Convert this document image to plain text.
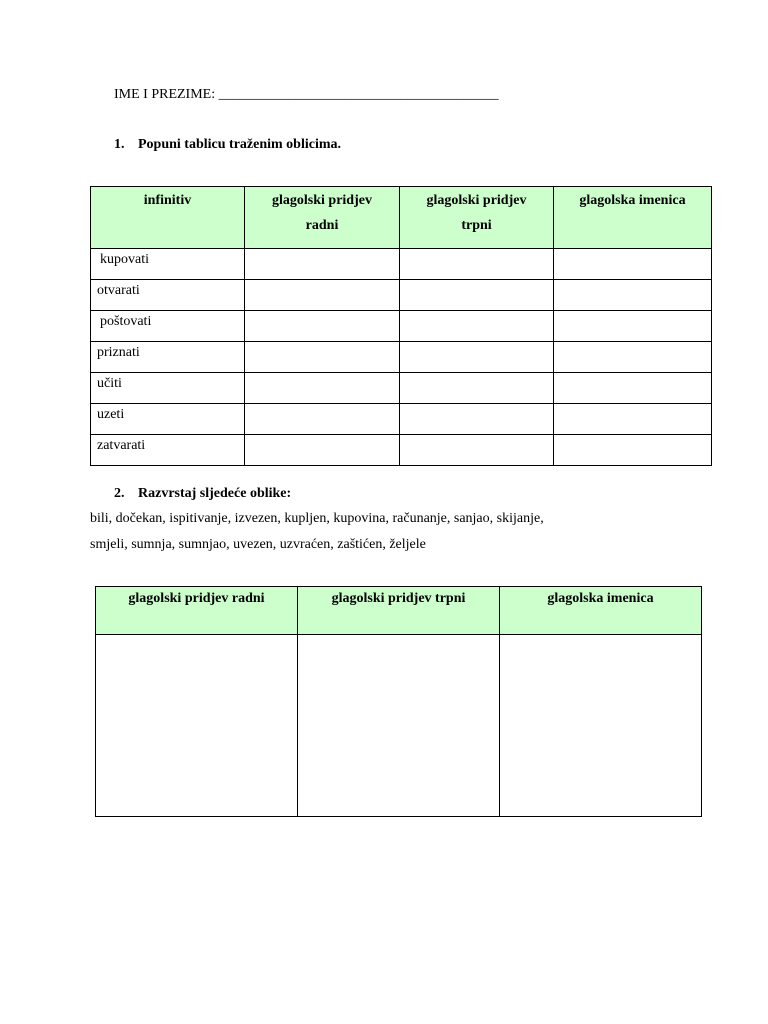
IME I PREZIME: ________________________________________
1. Popuni tablicu traženim oblicima.
infinitiv	glagolski pridjev radni	glagolski pridjev trpni	glagolska imenica
kupovati			
otvarati			
poštovati			
priznati			
učiti			
uzeti			
zatvarati			
2. Razvrstaj sljedeće oblike:
bili, dočekan, ispitivanje, izvezen, kupljen, kupovina, računanje, sanjao, skijanje,
smjeli, sumnja, sumnjao, uvezen, uzvraćen, zaštićen, željele
glagolski pridjev radni	glagolski pridjev trpni	glagolska imenica
